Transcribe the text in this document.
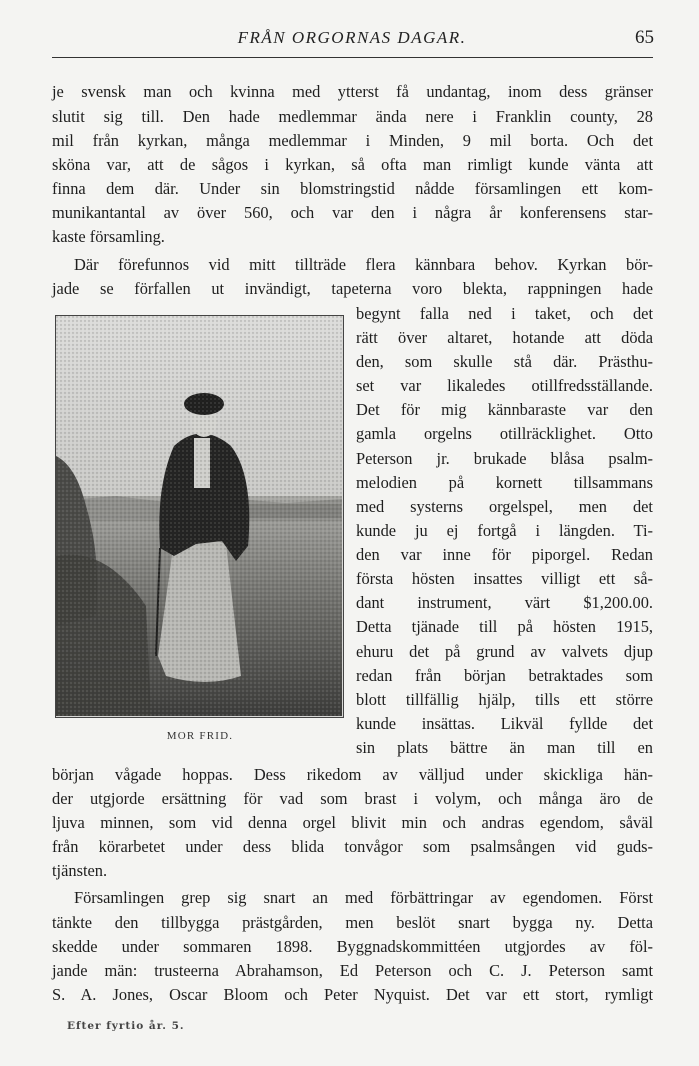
FRÅN ORGORNAS DAGAR.	65
je svensk man och kvinna med ytterst få undantag, inom dess gränser
slutit sig till. Den hade medlemmar ända nere i Franklin county, 28
mil från kyrkan, många medlemmar i Minden, 9 mil borta. Och det
sköna var, att de sågos i kyrkan, så ofta man rimligt kunde vänta att
finna dem där. Under sin blomstringstid nådde församlingen ett kom-
munikantantal av över 560, och var den i några år konferensens star-
kaste församling.
Där förefunnos vid mitt tillträde flera kännbara behov. Kyrkan bör-
jade se förfallen ut invändigt, tapeterna voro blekta, rappningen hade
MOR FRID.
begynt falla ned i taket, och det
rätt över altaret, hotande att döda
den, som skulle stå där. Prästhu-
set var likaledes otillfredsställande.
Det för mig kännbaraste var den
gamla orgelns otillräcklighet. Otto
Peterson jr. brukade blåsa psalm-
melodien på kornett tillsammans
med systerns orgelspel, men det
kunde ju ej fortgå i längden. Ti-
den var inne för piporgel. Redan
första hösten insattes villigt ett så-
dant instrument, värt $1,200.00.
Detta tjänade till på hösten 1915,
ehuru det på grund av valvets djup
redan från början betraktades som
blott tillfällig hjälp, tills ett större
kunde insättas. Likväl fyllde det
sin plats bättre än man till en
början vågade hoppas. Dess rikedom av välljud under skickliga hän-
der utgjorde ersättning för vad som brast i volym, och många äro de
ljuva minnen, som vid denna orgel blivit min och andras egendom, såväl
från körarbetet under dess blida tonvågor som psalmsången vid guds-
tjänsten.
Församlingen grep sig snart an med förbättringar av egendomen. Först
tänkte den tillbygga prästgården, men beslöt snart bygga ny. Detta
skedde under sommaren 1898. Byggnadskommittéen utgjordes av föl-
jande män: trusteerna Abrahamson, Ed Peterson och C. J. Peterson samt
S. A. Jones, Oscar Bloom och Peter Nyquist. Det var ett stort, rymligt
Efter fyrtio år. 5.
